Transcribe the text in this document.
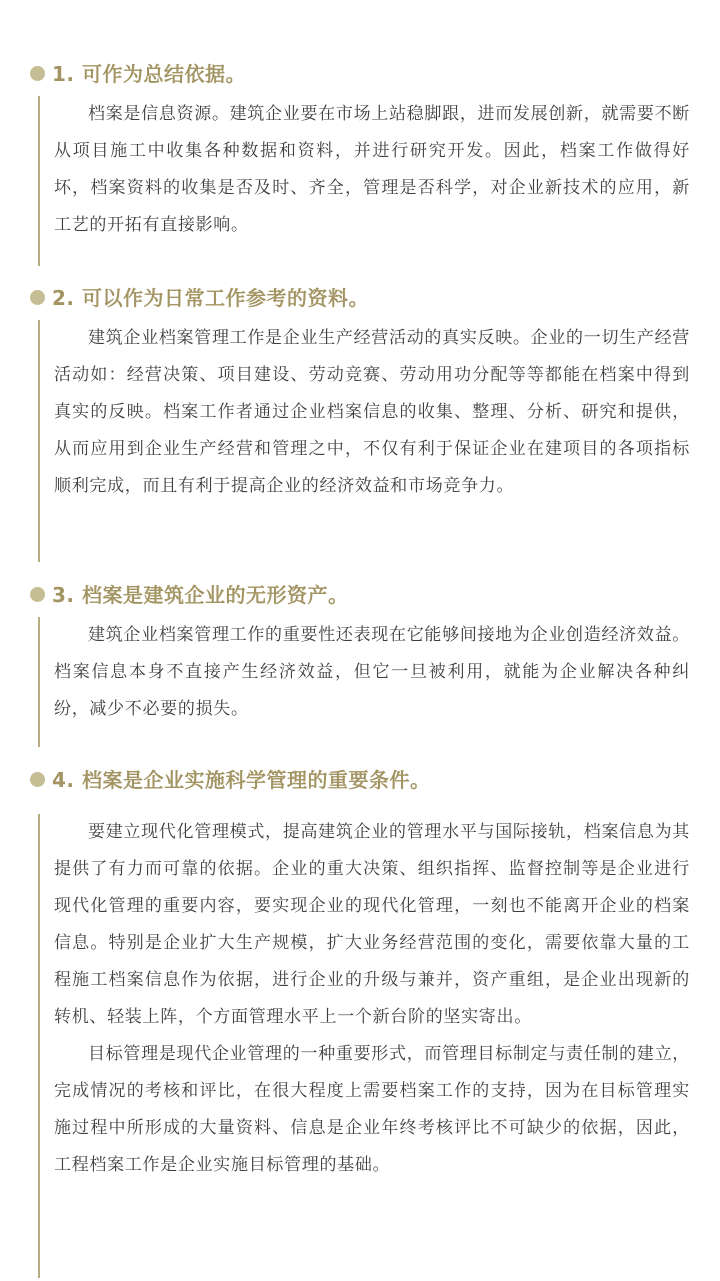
1. 可作为总结依据。

档案是信息资源。建筑企业要在市场上站稳脚跟，进而发展创新，就需要不断从项目施工中收集各种数据和资料，并进行研究开发。因此，档案工作做得好坏，档案资料的收集是否及时、齐全，管理是否科学，对企业新技术的应用，新工艺的开拓有直接影响。

2. 可以作为日常工作参考的资料。

建筑企业档案管理工作是企业生产经营活动的真实反映。企业的一切生产经营活动如：经营决策、项目建设、劳动竞赛、劳动用功分配等等都能在档案中得到真实的反映。档案工作者通过企业档案信息的收集、整理、分析、研究和提供，从而应用到企业生产经营和管理之中，不仅有利于保证企业在建项目的各项指标顺利完成，而且有利于提高企业的经济效益和市场竞争力。

3. 档案是建筑企业的无形资产。

建筑企业档案管理工作的重要性还表现在它能够间接地为企业创造经济效益。档案信息本身不直接产生经济效益，但它一旦被利用，就能为企业解决各种纠纷，减少不必要的损失。

4. 档案是企业实施科学管理的重要条件。

要建立现代化管理模式，提高建筑企业的管理水平与国际接轨，档案信息为其提供了有力而可靠的依据。企业的重大决策、组织指挥、监督控制等是企业进行现代化管理的重要内容，要实现企业的现代化管理，一刻也不能离开企业的档案信息。特别是企业扩大生产规模，扩大业务经营范围的变化，需要依靠大量的工程施工档案信息作为依据，进行企业的升级与兼并，资产重组，是企业出现新的转机、轻装上阵，个方面管理水平上一个新台阶的坚实寄出。

目标管理是现代企业管理的一种重要形式，而管理目标制定与责任制的建立，完成情况的考核和评比，在很大程度上需要档案工作的支持，因为在目标管理实施过程中所形成的大量资料、信息是企业年终考核评比不可缺少的依据，因此，工程档案工作是企业实施目标管理的基础。
